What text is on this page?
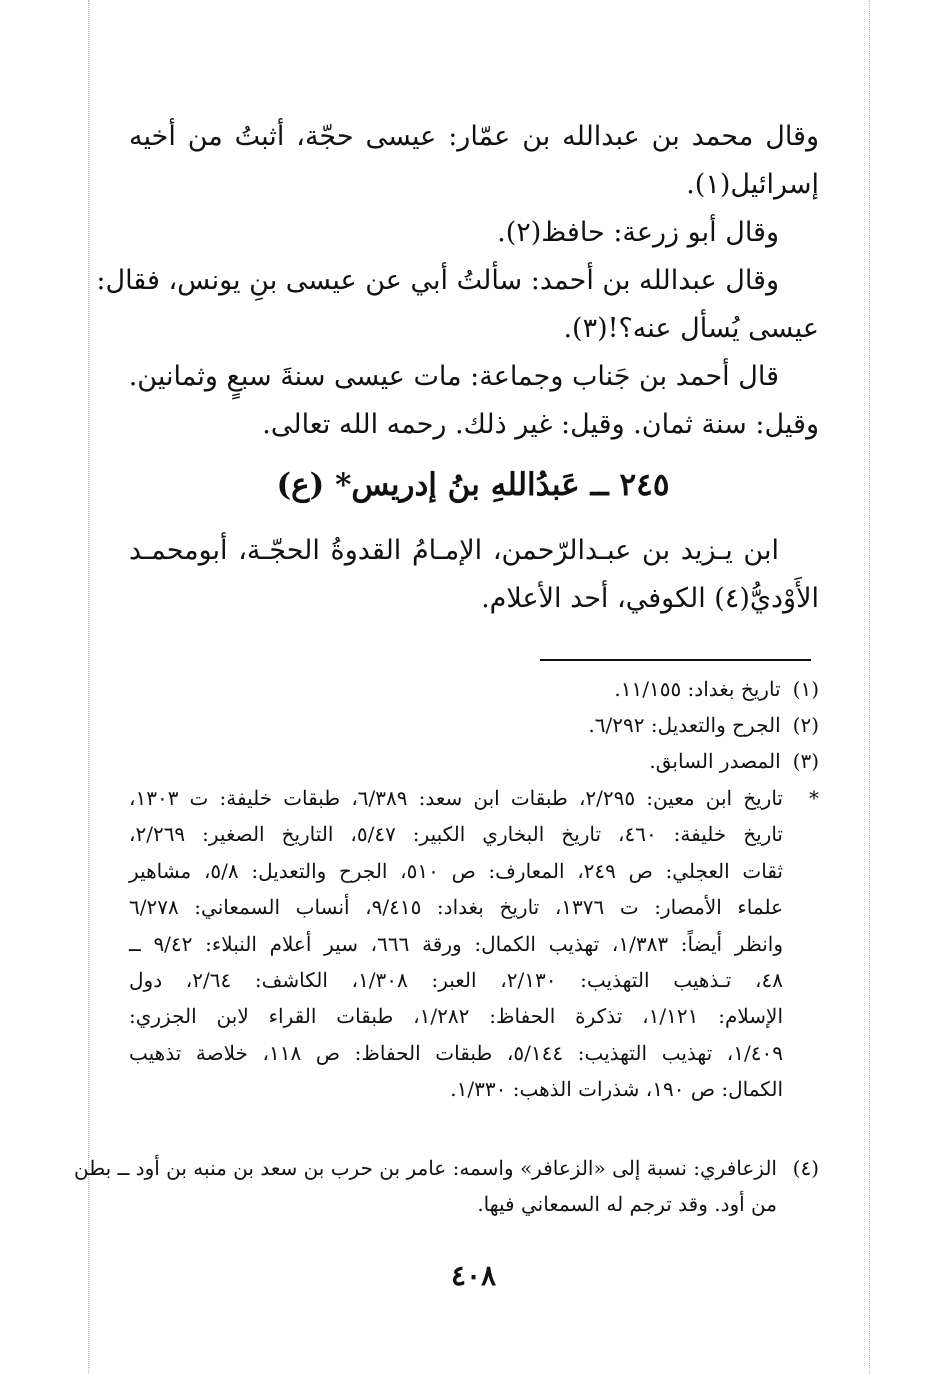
وقال محمد بن عبدالله بن عمّار: عيسى حجّة، أثبتُ من أخيه
إسرائيل(١).
وقال أبو زرعة: حافظ(٢).
وقال عبدالله بن أحمد: سألتُ أبي عن عيسى بنِ يونس، فقال:
عيسى يُسأل عنه؟!(٣).
قال أحمد بن جَناب وجماعة: مات عيسى سنةَ سبعٍ وثمانين.
وقيل: سنة ثمان. وقيل: غير ذلك. رحمه الله تعالى.
٢٤٥ ــ عَبدُاللهِ بنُ إدريس* (ع)
ابن يـزيد بن عبـدالرّحمن، الإمـامُ القدوةُ الحجّـة، أبومحمـد
الأَوْديُّ(٤) الكوفي، أحد الأعلام.
(١) تاريخ بغداد: ١١/١٥٥.
(٢) الجرح والتعديل: ٦/٢٩٢.
(٣) المصدر السابق.
*
تاريخ ابن معين: ٢/٢٩٥، طبقات ابن سعد: ٦/٣٨٩، طبقات خليفة: ت ١٣٠٣،
تاريخ خليفة: ٤٦٠، تاريخ البخاري الكبير: ٥/٤٧، التاريخ الصغير: ٢/٢٦٩،
ثقات العجلي: ص ٢٤٩، المعارف: ص ٥١٠، الجرح والتعديل: ٥/٨، مشاهير
علماء الأمصار: ت ١٣٧٦، تاريخ بغداد: ٩/٤١٥، أنساب السمعاني: ٦/٢٧٨
وانظر أيضاً: ١/٣٨٣، تهذيب الكمال: ورقة ٦٦٦، سير أعلام النبلاء: ٩/٤٢ ــ
٤٨، تـذهيب التهذيب: ٢/١٣٠، العبر: ١/٣٠٨، الكاشف: ٢/٦٤، دول
الإسلام: ١/١٢١، تذكرة الحفاظ: ١/٢٨٢، طبقات القراء لابن الجزري:
١/٤٠٩، تهذيب التهذيب: ٥/١٤٤، طبقات الحفاظ: ص ١١٨، خلاصة تذهيب
الكمال: ص ١٩٠، شذرات الذهب: ١/٣٣٠.
(٤)
الزعافري: نسبة إلى «الزعافر» واسمه: عامر بن حرب بن سعد بن منبه بن أود ــ بطن
من أود. وقد ترجم له السمعاني فيها.
٤٠٨
